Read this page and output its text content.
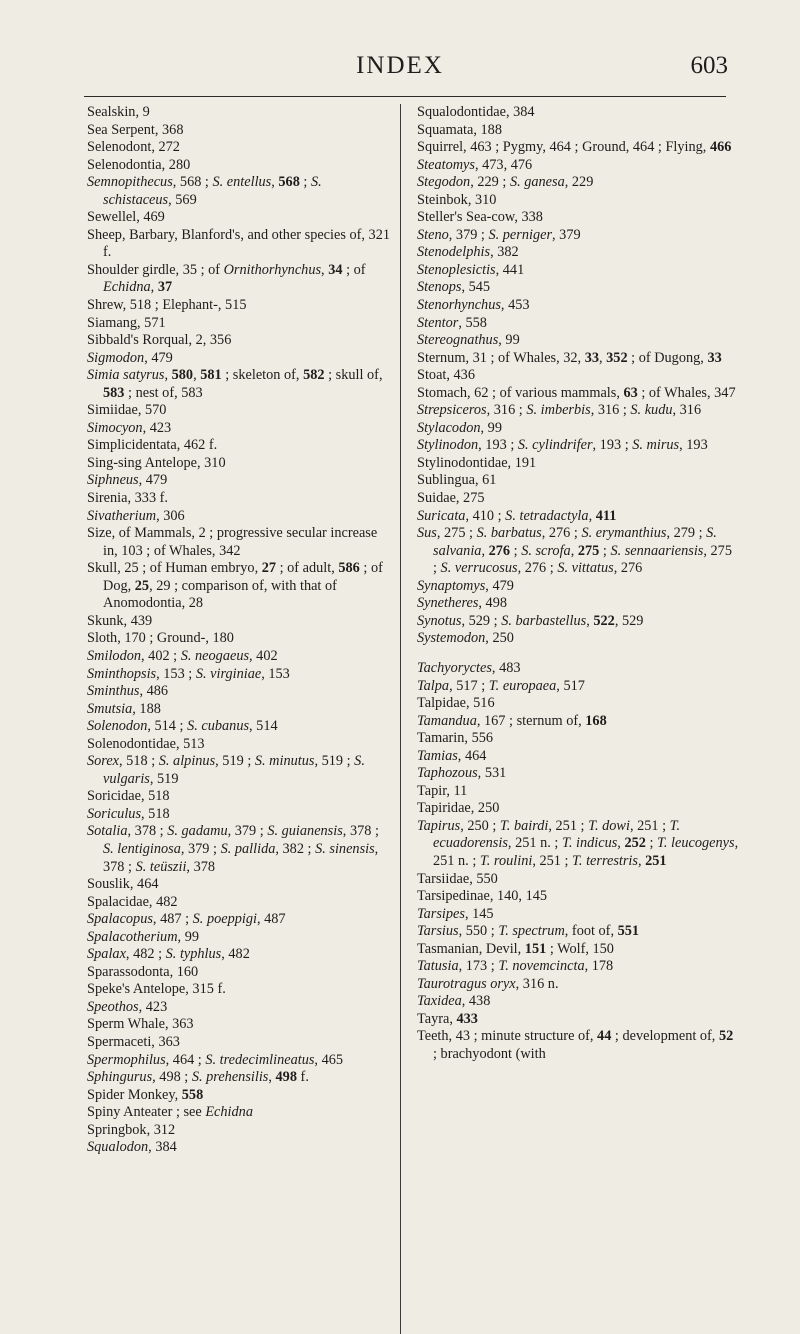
INDEX	603
Sealskin, 9
Sea Serpent, 368
Selenodont, 272
Selenodontia, 280
Semnopithecus, 568 ; S. entellus, 568 ; S. schistaceus, 569
Sewellel, 469
Sheep, Barbary, Blanford's, and other species of, 321 f.
Shoulder girdle, 35 ; of Ornithorhynchus, 34 ; of Echidna, 37
Shrew, 518 ; Elephant-, 515
Siamang, 571
Sibbald's Rorqual, 2, 356
Sigmodon, 479
Simia satyrus, 580, 581 ; skeleton of, 582 ; skull of, 583 ; nest of, 583
Simiidae, 570
Simocyon, 423
Simplicidentata, 462 f.
Sing-sing Antelope, 310
Siphneus, 479
Sirenia, 333 f.
Sivatherium, 306
Size, of Mammals, 2 ; progressive secular increase in, 103 ; of Whales, 342
Skull, 25 ; of Human embryo, 27 ; of adult, 586 ; of Dog, 25, 29 ; comparison of, with that of Anomodontia, 28
Skunk, 439
Sloth, 170 ; Ground-, 180
Smilodon, 402 ; S. neogaeus, 402
Sminthopsis, 153 ; S. virginiae, 153
Sminthus, 486
Smutsia, 188
Solenodon, 514 ; S. cubanus, 514
Solenodontidae, 513
Sorex, 518 ; S. alpinus, 519 ; S. minutus, 519 ; S. vulgaris, 519
Soricidae, 518
Soriculus, 518
Sotalia, 378 ; S. gadamu, 379 ; S. guianensis, 378 ; S. lentiginosa, 379 ; S. pallida, 382 ; S. sinensis, 378 ; S. teüszii, 378
Souslik, 464
Spalacidae, 482
Spalacopus, 487 ; S. poeppigi, 487
Spalacotherium, 99
Spalax, 482 ; S. typhlus, 482
Sparassodonta, 160
Speke's Antelope, 315 f.
Speothos, 423
Sperm Whale, 363
Spermaceti, 363
Spermophilus, 464 ; S. tredecimlineatus, 465
Sphingurus, 498 ; S. prehensilis, 498 f.
Spider Monkey, 558
Spiny Anteater ; see Echidna
Springbok, 312
Squalodon, 384
Squalodontidae, 384
Squamata, 188
Squirrel, 463 ; Pygmy, 464 ; Ground, 464 ; Flying, 466
Steatomys, 473, 476
Stegodon, 229 ; S. ganesa, 229
Steinbok, 310
Steller's Sea-cow, 338
Steno, 379 ; S. perniger, 379
Stenodelphis, 382
Stenoplesictis, 441
Stenops, 545
Stenorhynchus, 453
Stentor, 558
Stereognathus, 99
Sternum, 31 ; of Whales, 32, 33, 352 ; of Dugong, 33
Stoat, 436
Stomach, 62 ; of various mammals, 63 ; of Whales, 347
Strepsiceros, 316 ; S. imberbis, 316 ; S. kudu, 316
Stylacodon, 99
Stylinodon, 193 ; S. cylindrifer, 193 ; S. mirus, 193
Stylinodontidae, 191
Sublingua, 61
Suidae, 275
Suricata, 410 ; S. tetradactyla, 411
Sus, 275 ; S. barbatus, 276 ; S. erymanthius, 279 ; S. salvania, 276 ; S. scrofa, 275 ; S. sennaariensis, 275 ; S. verrucosus, 276 ; S. vittatus, 276
Synaptomys, 479
Synetheres, 498
Synotus, 529 ; S. barbastellus, 522, 529
Systemodon, 250
Tachyoryctes, 483
Talpa, 517 ; T. europaea, 517
Talpidae, 516
Tamandua, 167 ; sternum of, 168
Tamarin, 556
Tamias, 464
Taphozous, 531
Tapir, 11
Tapiridae, 250
Tapirus, 250 ; T. bairdi, 251 ; T. dowi, 251 ; T. ecuadorensis, 251 n. ; T. indicus, 252 ; T. leucogenys, 251 n. ; T. roulini, 251 ; T. terrestris, 251
Tarsiidae, 550
Tarsipedinae, 140, 145
Tarsipes, 145
Tarsius, 550 ; T. spectrum, foot of, 551
Tasmanian, Devil, 151 ; Wolf, 150
Tatusia, 173 ; T. novemcincta, 178
Taurotragus oryx, 316 n.
Taxidea, 438
Tayra, 433
Teeth, 43 ; minute structure of, 44 ; development of, 52 ; brachyodont (with
